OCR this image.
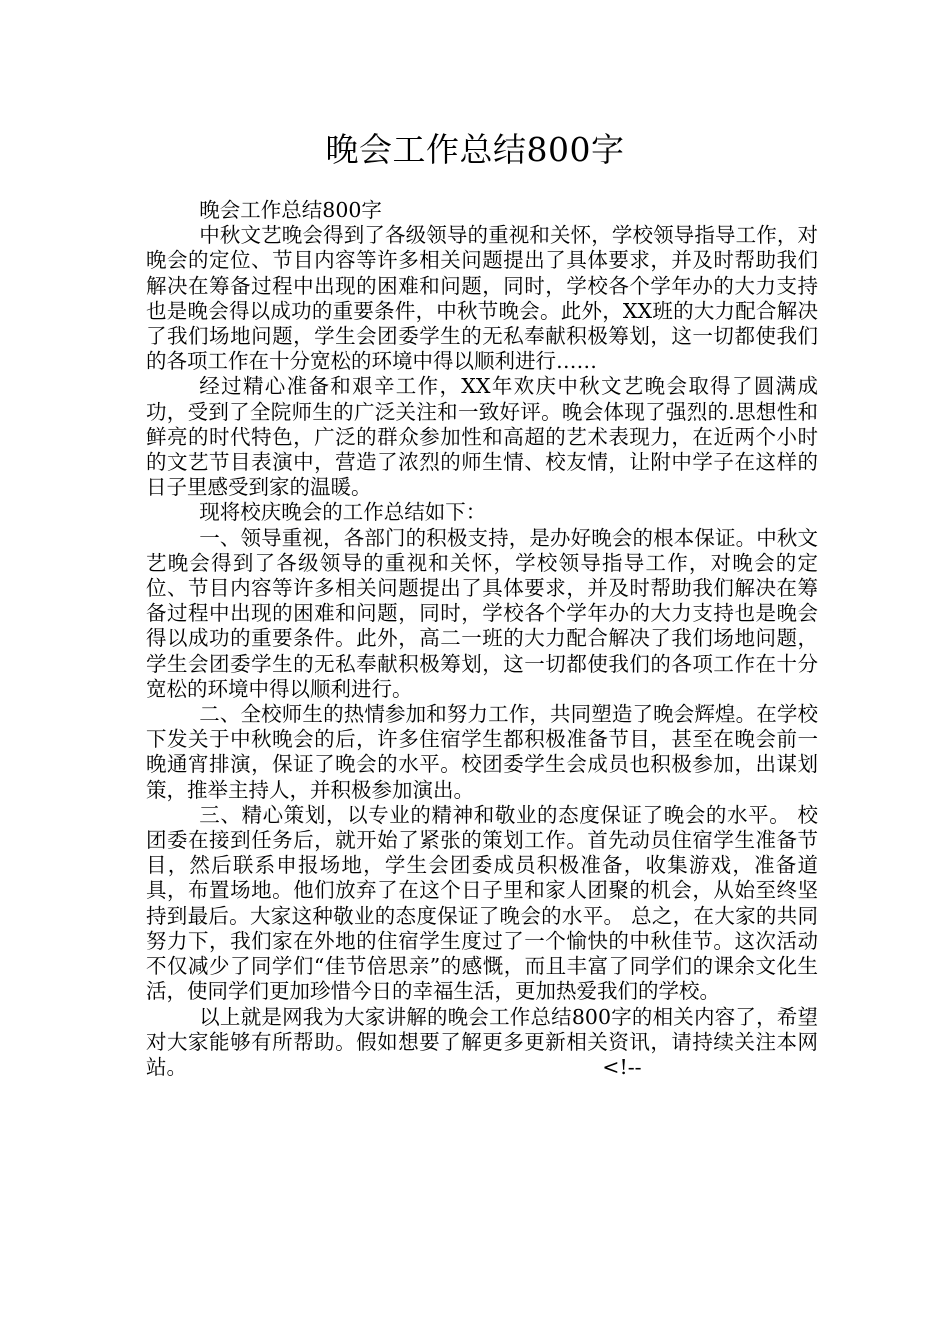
晚会工作总结800字

晚会工作总结800字

中秋文艺晚会得到了各级领导的重视和关怀，学校领导指导工作，对晚会的定位、节目内容等许多相关问题提出了具体要求，并及时帮助我们解决在筹备过程中出现的困难和问题，同时，学校各个学年办的大力支持也是晚会得以成功的重要条件，中秋节晚会。此外，XX班的大力配合解决了我们场地问题，学生会团委学生的无私奉献积极筹划，这一切都使我们的各项工作在十分宽松的环境中得以顺利进行……

经过精心准备和艰辛工作，XX年欢庆中秋文艺晚会取得了圆满成功，受到了全院师生的广泛关注和一致好评。晚会体现了强烈的.思想性和鲜亮的时代特色，广泛的群众参加性和高超的艺术表现力，在近两个小时的文艺节目表演中，营造了浓烈的师生情、校友情，让附中学子在这样的日子里感受到家的温暖。

现将校庆晚会的工作总结如下：

一、领导重视，各部门的积极支持，是办好晚会的根本保证。中秋文艺晚会得到了各级领导的重视和关怀，学校领导指导工作，对晚会的定位、节目内容等许多相关问题提出了具体要求，并及时帮助我们解决在筹备过程中出现的困难和问题，同时，学校各个学年办的大力支持也是晚会得以成功的重要条件。此外，高二一班的大力配合解决了我们场地问题，学生会团委学生的无私奉献积极筹划，这一切都使我们的各项工作在十分宽松的环境中得以顺利进行。

二、全校师生的热情参加和努力工作，共同塑造了晚会辉煌。在学校下发关于中秋晚会的后，许多住宿学生都积极准备节目，甚至在晚会前一晚通宵排演，保证了晚会的水平。校团委学生会成员也积极参加，出谋划策，推举主持人，并积极参加演出。

三、精心策划，以专业的精神和敬业的态度保证了晚会的水平。 校团委在接到任务后，就开始了紧张的策划工作。首先动员住宿学生准备节目，然后联系申报场地，学生会团委成员积极准备，收集游戏，准备道具，布置场地。他们放弃了在这个日子里和家人团聚的机会，从始至终坚持到最后。大家这种敬业的态度保证了晚会的水平。 总之，在大家的共同努力下，我们家在外地的住宿学生度过了一个愉快的中秋佳节。这次活动不仅减少了同学们“佳节倍思亲”的感慨，而且丰富了同学们的课余文化生活，使同学们更加珍惜今日的幸福生活，更加热爱我们的学校。

以上就是网我为大家讲解的晚会工作总结800字的相关内容了，希望对大家能够有所帮助。假如想要了解更多更新相关资讯，请持续关注本网站。	<!--
